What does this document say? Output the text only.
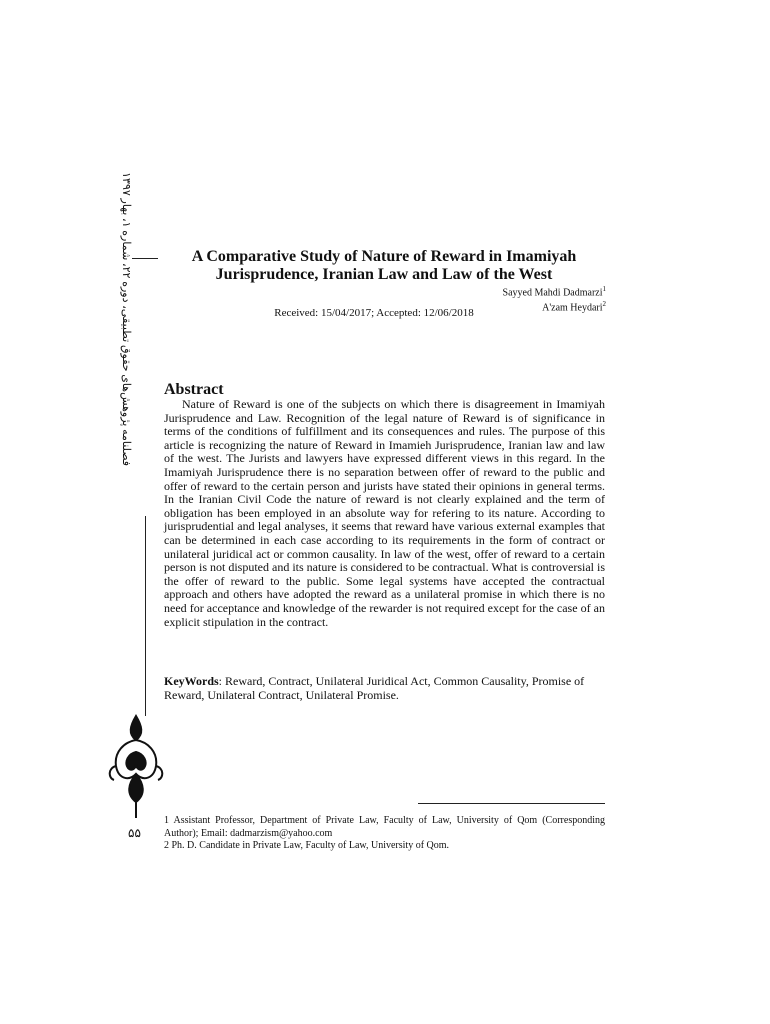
فصلنامه پژوهش‌های حقوق تطبیقی، دوره ۲۲، شماره ۱، بهار ۱۳۹۷
۵۵
A Comparative Study of Nature of Reward in Imamiyah
Jurisprudence, Iranian Law and Law of the West
Sayyed Mahdi Dadmarzi$^1$
A'zam Heydari$^2$
Received: 15/04/2017; Accepted: 12/06/2018
Abstract
Nature of Reward is one of the subjects on which there is disagreement in Imamiyah Jurisprudence and Law. Recognition of the legal nature of Reward is of significance in terms of the conditions of fulfillment and its consequences and rules. The purpose of this article is recognizing the nature of Reward in Imamieh Jurisprudence, Iranian law and law of the west. The Jurists and lawyers have expressed different views in this regard. In the Imamiyah Jurisprudence there is no separation between offer of reward to the public and offer of reward to the certain person and jurists have stated their opinions in general terms. In the Iranian Civil Code the nature of reward is not clearly explained and the term of obligation has been employed in an absolute way for refering to its nature. According to jurisprudential and legal analyses, it seems that reward have various external examples that can be determined in each case according to its requirements in the form of contract or unilateral juridical act or common causality. In law of the west, offer of reward to a certain person is not disputed and its nature is considered to be contractual. What is controversial is the offer of reward to the public. Some legal systems have accepted the contractual approach and others have adopted the reward as a unilateral promise in which there is no need for acceptance and knowledge of the rewarder is not required except for the case of an explicit stipulation in the contract.
KeyWords: Reward, Contract, Unilateral Juridical Act, Common Causality, Promise of Reward, Unilateral Contract, Unilateral Promise.

1 Assistant Professor, Department of Private Law, Faculty of Law, University of Qom (Corresponding Author); Email: dadmarzism@yahoo.com

2 Ph. D. Candidate in Private Law, Faculty of Law, University of Qom.
